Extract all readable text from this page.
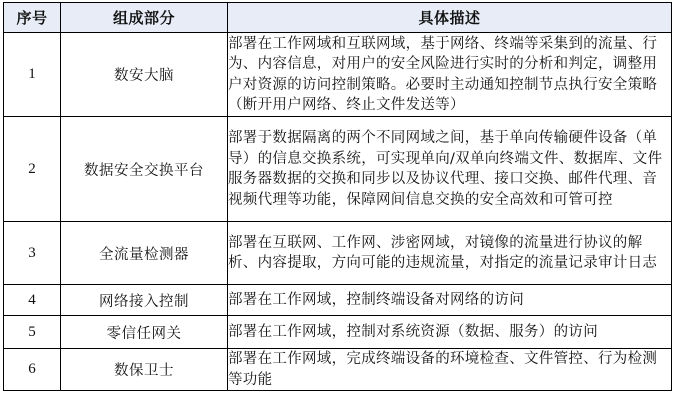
序号	组成部分	具体描述
1	数安大脑	部署在工作网域和互联网域，基于网络、终端等采集到的流量、行为、内容信息，对用户的安全风险进行实时的分析和判定，调整用户对资源的访问控制策略。必要时主动通知控制节点执行安全策略（断开用户网络、终止文件发送等）
2	数据安全交换平台	部署于数据隔离的两个不同网域之间，基于单向传输硬件设备（单导）的信息交换系统，可实现单向/双单向终端文件、数据库、文件服务器数据的交换和同步以及协议代理、接口交换、邮件代理、音视频代理等功能，保障网间信息交换的安全高效和可管可控
3	全流量检测器	部署在互联网、工作网、涉密网域，对镜像的流量进行协议的解析、内容提取，方向可能的违规流量，对指定的流量记录审计日志
4	网络接入控制	部署在工作网域，控制终端设备对网络的访问
5	零信任网关	部署在工作网域，控制对系统资源（数据、服务）的访问
6	数保卫士	部署在工作网域，完成终端设备的环境检查、文件管控、行为检测等功能
